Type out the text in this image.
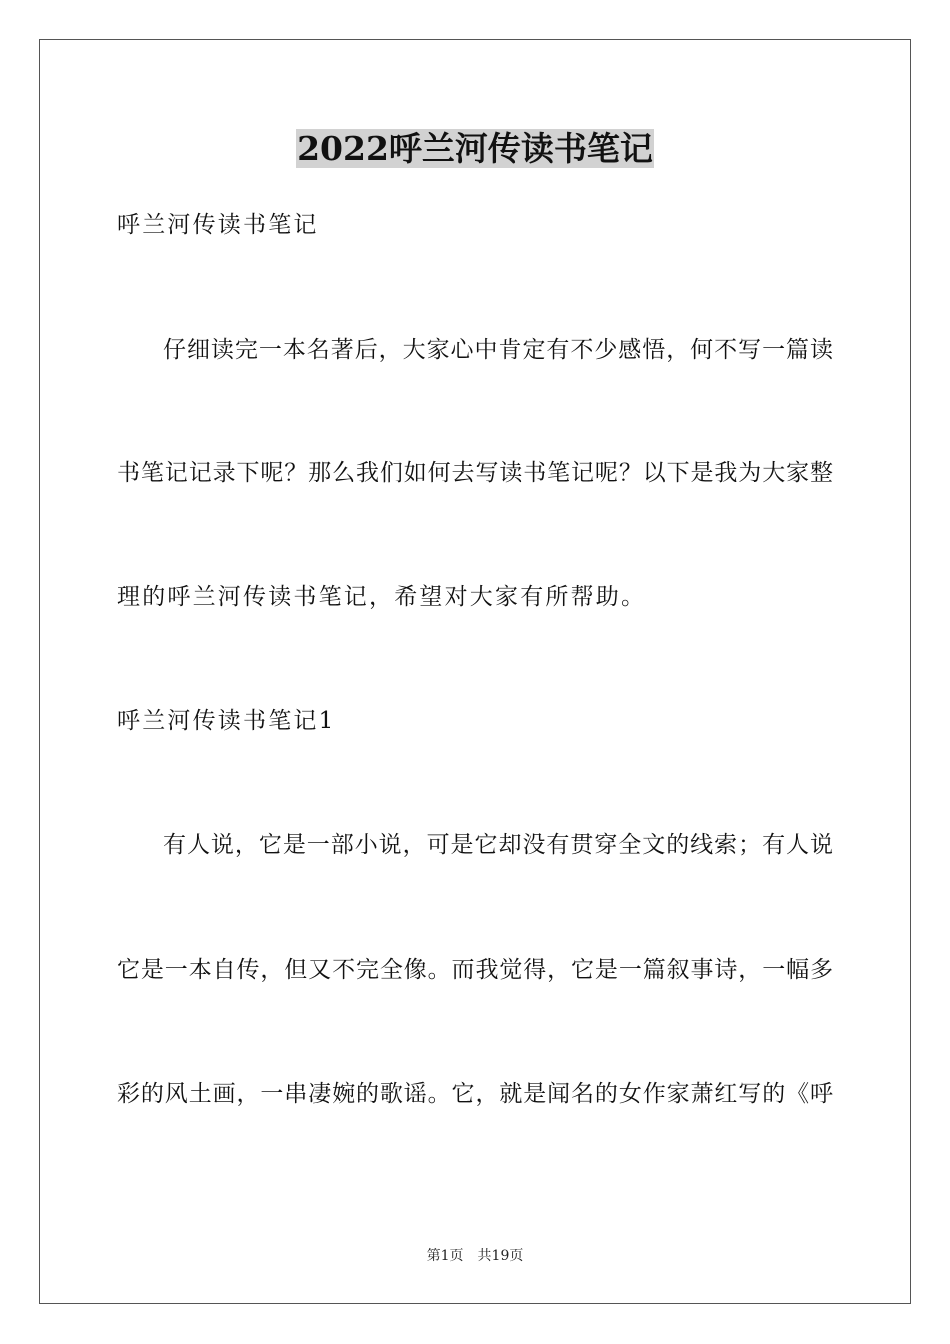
2022呼兰河传读书笔记
呼兰河传读书笔记
仔细读完一本名著后，大家心中肯定有不少感悟，何不写一篇读
书笔记记录下呢？那么我们如何去写读书笔记呢？以下是我为大家整
理的呼兰河传读书笔记，希望对大家有所帮助。
呼兰河传读书笔记1
有人说，它是一部小说，可是它却没有贯穿全文的线索；有人说
它是一本自传，但又不完全像。而我觉得，它是一篇叙事诗，一幅多
彩的风土画，一串凄婉的歌谣。它，就是闻名的女作家萧红写的《呼
第1页　共19页
